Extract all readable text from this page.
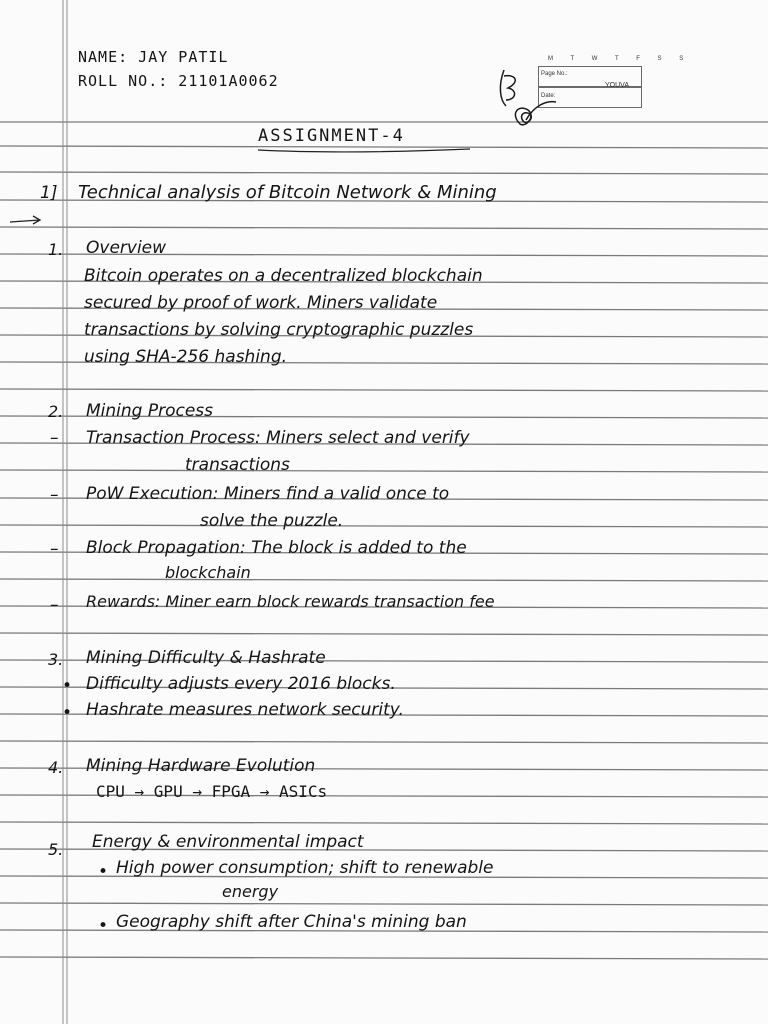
NAME: JAY PATIL
ROLL NO.: 21101A0062
M T W T F S S
Page No.:
Date:
YOUVA
ASSIGNMENT-4
1] Technical analysis of Bitcoin Network & Mining
1. Overview
Bitcoin operates on a decentralized blockchain
secured by proof of work. Miners validate
transactions by solving cryptographic puzzles
using SHA-256 hashing.
2. Mining Process
– Transaction Process: Miners select and verify
transactions
– PoW Execution: Miners find a valid once to
solve the puzzle.
– Block Propagation: The block is added to the
blockchain
– Rewards: Miner earn block rewards transaction fee
3. Mining Difficulty & Hashrate
• Difficulty adjusts every 2016 blocks.
• Hashrate measures network security.
4. Mining Hardware Evolution
CPU → GPU → FPGA → ASICs
5. Energy & environmental impact
• High power consumption; shift to renewable
energy
• Geography shift after China's mining ban
